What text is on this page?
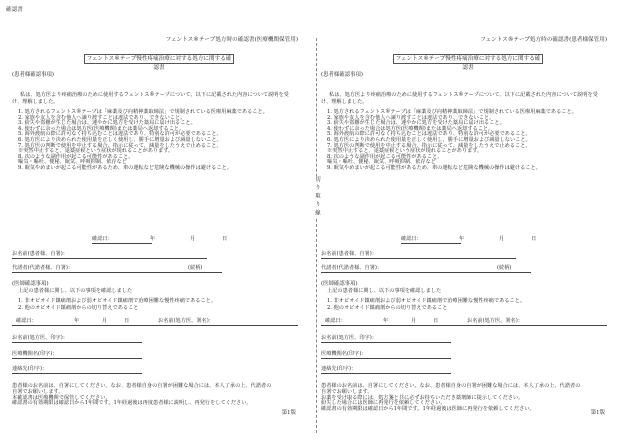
確認書
フェントス®テープ処方時の確認書(医療機関保管用)
フェントス®テープ慢性疼痛治療に対する処方に関する確認書
(患者様確認事項)
私は、処方医より疼痛治療のために使用するフェントス®テープについて、以下に記載された内容について説明を受け、理解しました。
1. 処方されるフェントス®テープは「麻薬及び向精神薬取締法」で規制されている医療用麻薬であること。
2. 家族や友人を含む他人へ譲り渡すことは違法であり、できないこと。
3. 紛失や盗難が生じた場合は、速やかに処方を受けた薬局に届け出ること。
4. 使わずに余った場合は処方医(医療機関)または薬局へ返却すること。
5. 海外渡航の際に許可なく持ち込むことは違法であり、特別な許可が必要であること。
6. 処方医により決められた使用量を正しく使用し、勝手に増量および減量しないこと。
7. 処方医の判断で使用を中止する場合、指示に従って、減量をしたうえで止めること。
※突然中止すると、退薬症候という症状が現れることがあります。
8. 次のような副作用が起こる可能性があること。
嘔気・嘔吐、便秘、眠気、呼吸抑制、依存など
9. 眠気やめまいが起こる可能性があるため、車の運転など危険な機械の操作は避けること。
確認日：	年	月	日
お名前(患者様、自署)：
代諾者(代諾者様、自署)：	(続柄)
(医師確認事項)
上記の患者様に関し、以下の事項を確認しました
1. 非オピオイド鎮痛剤および弱オピオイド鎮痛剤で治療困難な慢性疼痛であること。
2. 他のオピオイド鎮痛剤からの切り替えであること
確認日：	年	月	日	お名前(処方医、署名)：
お名前(処方医、印字)：
医療機関名(印字)：
連絡先(印字)：

患者様のお名前は、自署にしてください。なお、患者様自身の自署が困難な場合には、本人了承の上、代諾者の

自署でお願いします。

本確認書は医療機関で保管してください。

確認書の有効期限は確認日から1年間です。1年経過後は再度患者様に説明し、再発行をしてください。

第1版
切り取り線
フェントス®テープ処方時の確認書(患者様保管用)
フェントス®テープ慢性疼痛治療に対する処方に関する確認書
(患者様確認事項)
私は、処方医より疼痛治療のために使用するフェントス®テープについて、以下に記載された内容について説明を受け、理解しました。
1. 処方されるフェントス®テープは「麻薬及び向精神薬取締法」で規制されている医療用麻薬であること。
2. 家族や友人を含む他人へ譲り渡すことは違法であり、できないこと。
3. 紛失や盗難が生じた場合は、速やかに処方を受けた薬局に届け出ること。
4. 使わずに余った場合は処方医(医療機関)または薬局へ返却すること。
5. 海外渡航の際に許可なく持ち込むことは違法であり、特別な許可が必要であること。
6. 処方医により決められた使用量を正しく使用し、勝手に増量および減量しないこと。
7. 処方医の判断で使用を中止する場合、指示に従って、減量をしたうえで止めること。
※突然中止すると、退薬症候という症状が現れることがあります。
8. 次のような副作用が起こる可能性があること。
嘔気・嘔吐、便秘、眠気、呼吸抑制、依存など
9. 眠気やめまいが起こる可能性があるため、車の運転など危険な機械の操作は避けること。
確認日：	年	月	日
お名前(患者様、自署)：
代諾者(代諾者様、自署)：	(続柄)
(医師確認事項)
上記の患者様に関し、以下の事項を確認しました
1. 非オピオイド鎮痛剤および弱オピオイド鎮痛剤で治療困難な慢性疼痛であること。
2. 他のオピオイド鎮痛剤からの切り替えであること
確認日：	年	月	日	お名前(処方医、署名)：
お名前(処方医、印字)：
医療機関名(印字)：
連絡先(印字)：

患者様のお名前は、自署にしてください。なお、患者様自身の自署が困難な場合には、本人了承の上、代諾者の

自署でお願いします。

お薬を受け取る際には、処方箋と共に必ずお持ちいただき薬剤師に提示してください。

紛失した場合には医師に再発行を依頼してください。

確認書の有効期限は確認日から1年間です。1年経過後は医師に再発行を依頼してください。

第1版
